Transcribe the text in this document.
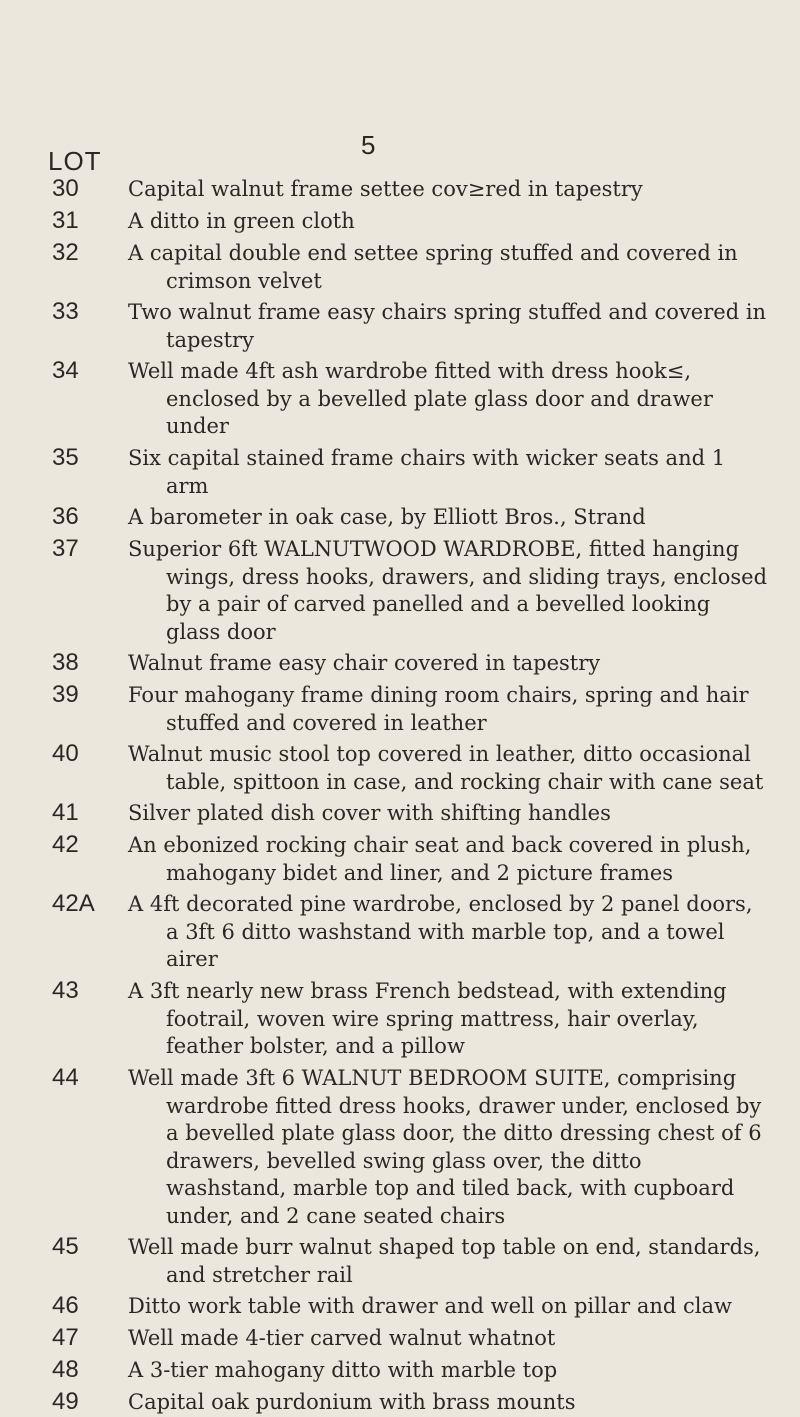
5
LOT
30	Capital walnut frame settee cov≥red in tapestry
31	A ditto in green cloth
32	A capital double end settee spring stuffed and covered in crimson velvet
33	Two walnut frame easy chairs spring stuffed and covered in tapestry
34	Well made 4ft ash wardrobe fitted with dress hook≤, enclosed by a bevelled plate glass door and drawer under
35	Six capital stained frame chairs with wicker seats and 1 arm
36	A barometer in oak case, by Elliott Bros., Strand
37	Superior 6ft WALNUTWOOD WARDROBE, fitted hanging wings, dress hooks, drawers, and sliding trays, enclosed by a pair of carved panelled and a bevelled looking glass door
38	Walnut frame easy chair covered in tapestry
39	Four mahogany frame dining room chairs, spring and hair stuffed and covered in leather
40	Walnut music stool top covered in leather, ditto occasional table, spittoon in case, and rocking chair with cane seat
41	Silver plated dish cover with shifting handles
42	An ebonized rocking chair seat and back covered in plush, mahogany bidet and liner, and 2 picture frames
42A	A 4ft decorated pine wardrobe, enclosed by 2 panel doors, a 3ft 6 ditto washstand with marble top, and a towel airer
43	A 3ft nearly new brass French bedstead, with extending footrail, woven wire spring mattress, hair overlay, feather bolster, and a pillow
44	Well made 3ft 6 WALNUT BEDROOM SUITE, comprising wardrobe fitted dress hooks, drawer under, enclosed by a bevelled plate glass door, the ditto dressing chest of 6 drawers, bevelled swing glass over, the ditto washstand, marble top and tiled back, with cupboard under, and 2 cane seated chairs
45	Well made burr walnut shaped top table on end, standards, and stretcher rail
46	Ditto work table with drawer and well on pillar and claw
47	Well made 4-tier carved walnut whatnot
48	A 3-tier mahogany ditto with marble top
49	Capital oak purdonium with brass mounts
